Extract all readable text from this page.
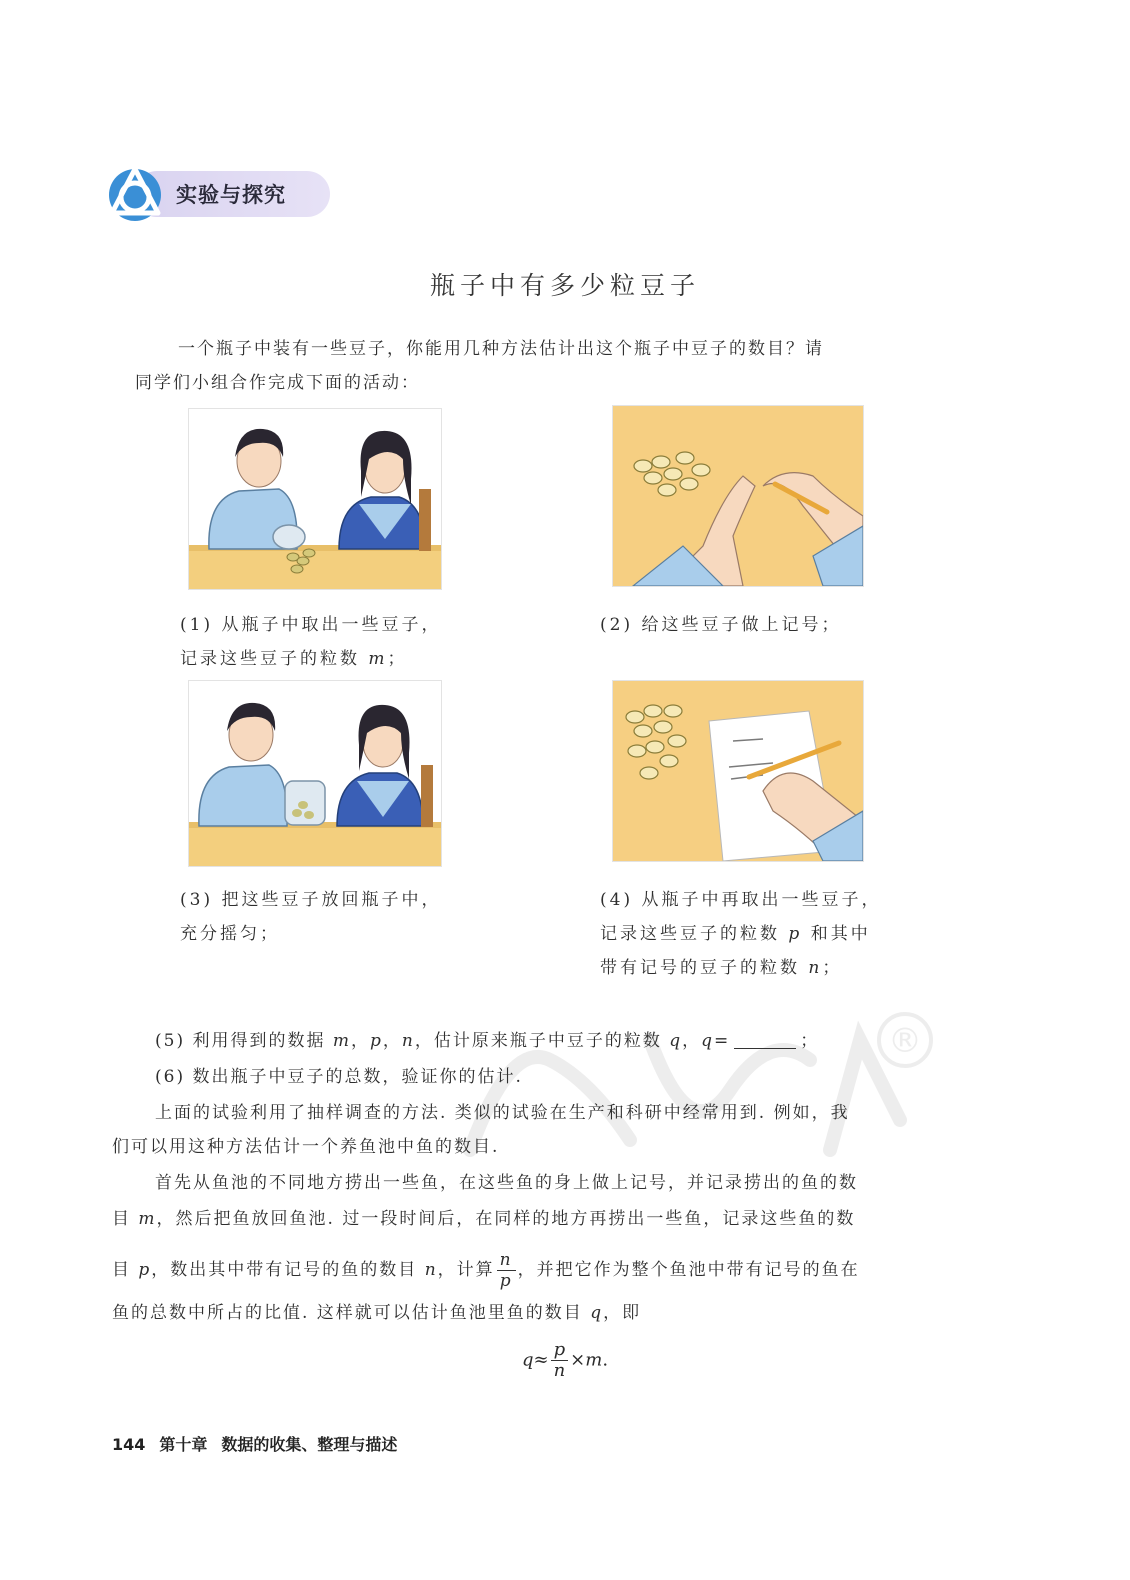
®
实验与探究
瓶子中有多少粒豆子
一个瓶子中装有一些豆子，你能用几种方法估计出这个瓶子中豆子的数目？请
同学们小组合作完成下面的活动：
(1) 从瓶子中取出一些豆子，
记录这些豆子的粒数 m；
(2) 给这些豆子做上记号；
(3) 把这些豆子放回瓶子中，
充分摇匀；
(4) 从瓶子中再取出一些豆子，
记录这些豆子的粒数 p 和其中
带有记号的豆子的粒数 n；
(5) 利用得到的数据 m，p，n，估计原来瓶子中豆子的粒数 q，q=	；
(6) 数出瓶子中豆子的总数，验证你的估计.
上面的试验利用了抽样调查的方法. 类似的试验在生产和科研中经常用到. 例如，我
们可以用这种方法估计一个养鱼池中鱼的数目.
首先从鱼池的不同地方捞出一些鱼，在这些鱼的身上做上记号，并记录捞出的鱼的数
目 m，然后把鱼放回鱼池. 过一段时间后，在同样的地方再捞出一些鱼，记录这些鱼的数
目 p，数出其中带有记号的鱼的数目 n，计算 $\frac{n}{p}$ ，并把它作为整个鱼池中带有记号的鱼在
鱼的总数中所占的比值. 这样就可以估计鱼池里鱼的数目 q，即
$q\approx \frac{p}{n} \times m$.
144 第十章 数据的收集、整理与描述
